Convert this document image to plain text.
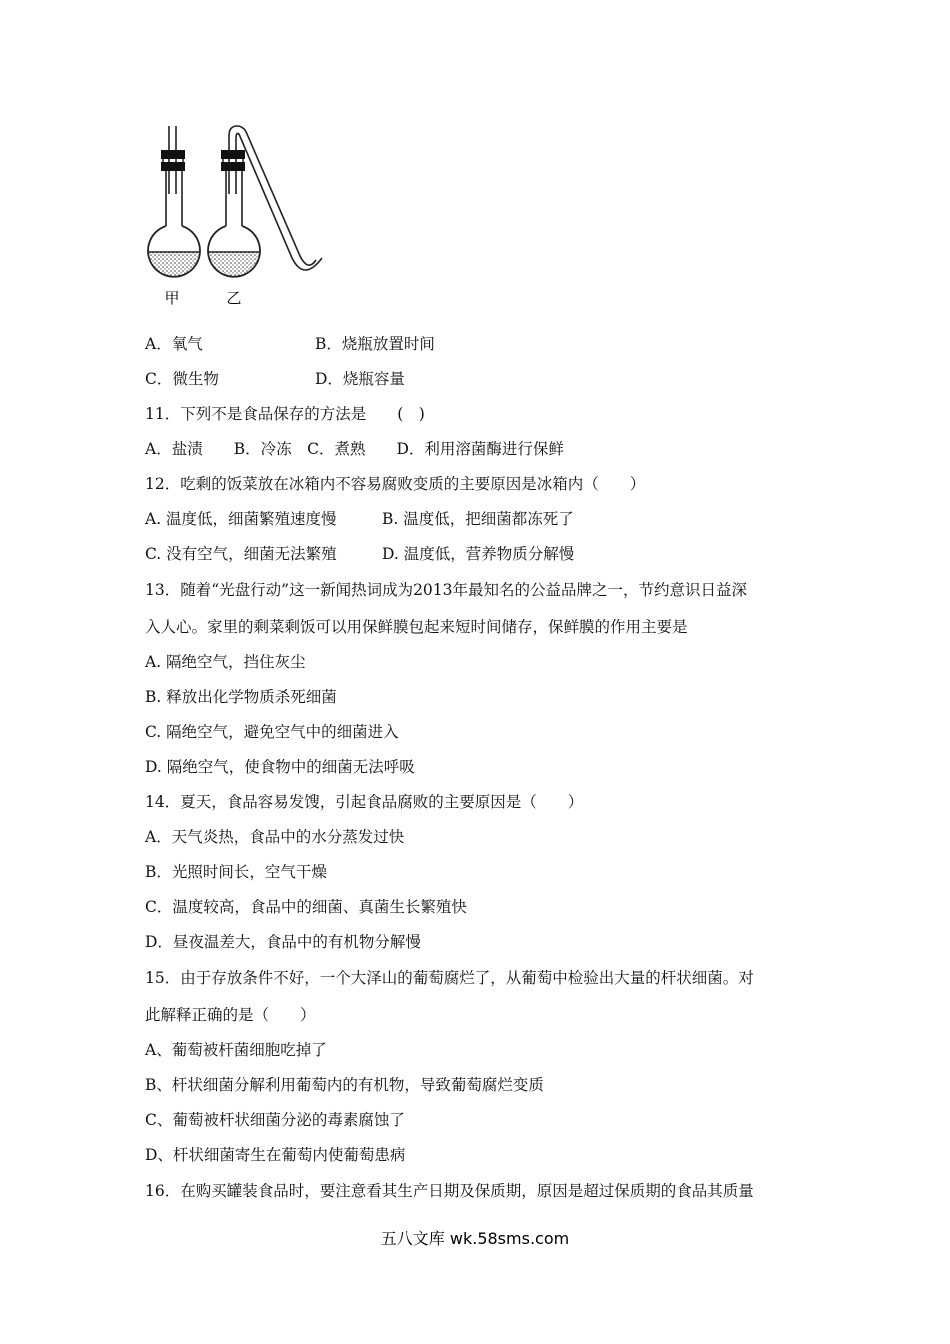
甲	乙
A．氧气	B．烧瓶放置时间
C．微生物	D．烧瓶容量
11．下列不是食品保存的方法是　　(　)
A．盐渍　　B．冷冻　C．煮熟　　D．利用溶菌酶进行保鲜
12．吃剩的饭菜放在冰箱内不容易腐败变质的主要原因是冰箱内（　　）
A. 温度低，细菌繁殖速度慢	B. 温度低，把细菌都冻死了
C. 没有空气，细菌无法繁殖	D. 温度低，营养物质分解慢
13．随着“光盘行动”这一新闻热词成为2013年最知名的公益品牌之一，节约意识日益深
入人心。家里的剩菜剩饭可以用保鲜膜包起来短时间储存，保鲜膜的作用主要是
A. 隔绝空气，挡住灰尘
B. 释放出化学物质杀死细菌
C. 隔绝空气，避免空气中的细菌进入
D. 隔绝空气，使食物中的细菌无法呼吸
14．夏天，食品容易发馊，引起食品腐败的主要原因是（　　）
A．天气炎热，食品中的水分蒸发过快
B．光照时间长，空气干燥
C．温度较高，食品中的细菌、真菌生长繁殖快
D．昼夜温差大，食品中的有机物分解慢
15．由于存放条件不好，一个大泽山的葡萄腐烂了，从葡萄中检验出大量的杆状细菌。对
此解释正确的是（　　）
A、葡萄被杆菌细胞吃掉了
B、杆状细菌分解利用葡萄内的有机物，导致葡萄腐烂变质
C、葡萄被杆状细菌分泌的毒素腐蚀了
D、杆状细菌寄生在葡萄内使葡萄患病
16．在购买罐装食品时，要注意看其生产日期及保质期，原因是超过保质期的食品其质量
五八文库 wk.58sms.com
